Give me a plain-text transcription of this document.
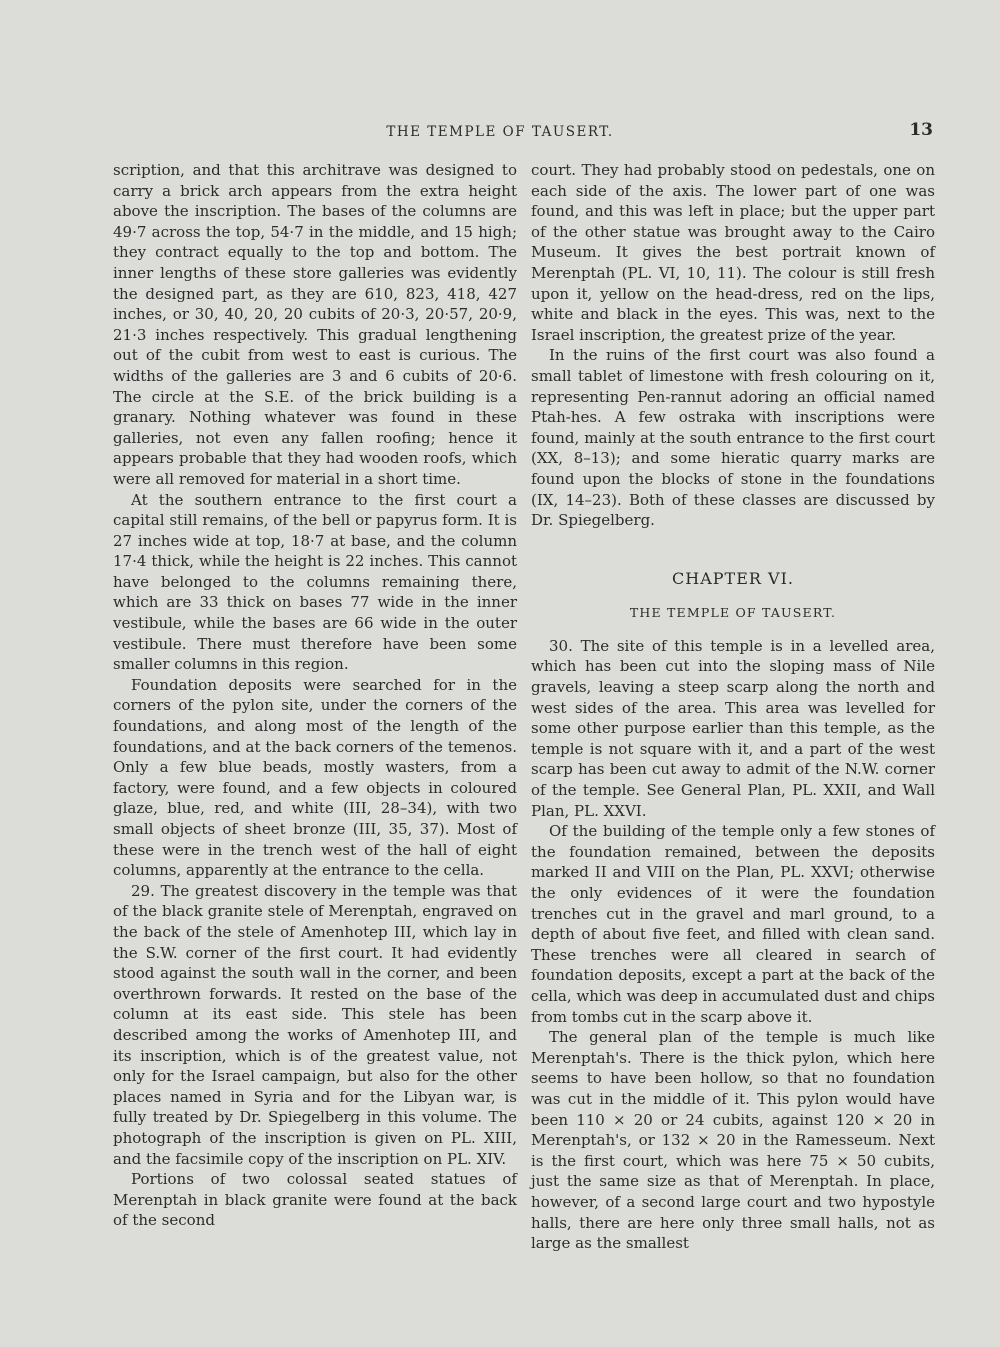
THE TEMPLE OF TAUSERT.	13

scription, and that this architrave was designed to carry a brick arch appears from the extra height above the inscription. The bases of the columns are 49·7 across the top, 54·7 in the middle, and 15 high; they contract equally to the top and bottom. The inner lengths of these store galleries was evidently the designed part, as they are 610, 823, 418, 427 inches, or 30, 40, 20, 20 cubits of 20·3, 20·57, 20·9, 21·3 inches respectively. This gradual lengthening out of the cubit from west to east is curious. The widths of the galleries are 3 and 6 cubits of 20·6. The circle at the S.E. of the brick building is a granary. Nothing whatever was found in these galleries, not even any fallen roofing; hence it appears probable that they had wooden roofs, which were all removed for material in a short time.

At the southern entrance to the first court a capital still remains, of the bell or papyrus form. It is 27 inches wide at top, 18·7 at base, and the column 17·4 thick, while the height is 22 inches. This cannot have belonged to the columns remaining there, which are 33 thick on bases 77 wide in the inner vestibule, while the bases are 66 wide in the outer vestibule. There must therefore have been some smaller columns in this region.

Foundation deposits were searched for in the corners of the pylon site, under the corners of the foundations, and along most of the length of the foundations, and at the back corners of the temenos. Only a few blue beads, mostly wasters, from a factory, were found, and a few objects in coloured glaze, blue, red, and white (III, 28–34), with two small objects of sheet bronze (III, 35, 37). Most of these were in the trench west of the hall of eight columns, apparently at the entrance to the cella.

29. The greatest discovery in the temple was that of the black granite stele of Merenptah, engraved on the back of the stele of Amenhotep III, which lay in the S.W. corner of the first court. It had evidently stood against the south wall in the corner, and been overthrown forwards. It rested on the base of the column at its east side. This stele has been described among the works of Amenhotep III, and its inscription, which is of the greatest value, not only for the Israel campaign, but also for the other places named in Syria and for the Libyan war, is fully treated by Dr. Spiegelberg in this volume. The photograph of the inscription is given on PL. XIII, and the facsimile copy of the inscription on PL. XIV.

Portions of two colossal seated statues of Merenptah in black granite were found at the back of the second

court. They had probably stood on pedestals, one on each side of the axis. The lower part of one was found, and this was left in place; but the upper part of the other statue was brought away to the Cairo Museum. It gives the best portrait known of Merenptah (PL. VI, 10, 11). The colour is still fresh upon it, yellow on the head-dress, red on the lips, white and black in the eyes. This was, next to the Israel inscription, the greatest prize of the year.

In the ruins of the first court was also found a small tablet of limestone with fresh colouring on it, representing Pen-rannut adoring an official named Ptah-hes. A few ostraka with inscriptions were found, mainly at the south entrance to the first court (XX, 8–13); and some hieratic quarry marks are found upon the blocks of stone in the foundations (IX, 14–23). Both of these classes are discussed by Dr. Spiegelberg.

CHAPTER VI.
THE TEMPLE OF TAUSERT.

30. The site of this temple is in a levelled area, which has been cut into the sloping mass of Nile gravels, leaving a steep scarp along the north and west sides of the area. This area was levelled for some other purpose earlier than this temple, as the temple is not square with it, and a part of the west scarp has been cut away to admit of the N.W. corner of the temple. See General Plan, PL. XXII, and Wall Plan, PL. XXVI.

Of the building of the temple only a few stones of the foundation remained, between the deposits marked II and VIII on the Plan, PL. XXVI; otherwise the only evidences of it were the foundation trenches cut in the gravel and marl ground, to a depth of about five feet, and filled with clean sand. These trenches were all cleared in search of foundation deposits, except a part at the back of the cella, which was deep in accumulated dust and chips from tombs cut in the scarp above it.

The general plan of the temple is much like Merenptah's. There is the thick pylon, which here seems to have been hollow, so that no foundation was cut in the middle of it. This pylon would have been 110 × 20 or 24 cubits, against 120 × 20 in Merenptah's, or 132 × 20 in the Ramesseum. Next is the first court, which was here 75 × 50 cubits, just the same size as that of Merenptah. In place, however, of a second large court and two hypostyle halls, there are here only three small halls, not as large as the smallest
